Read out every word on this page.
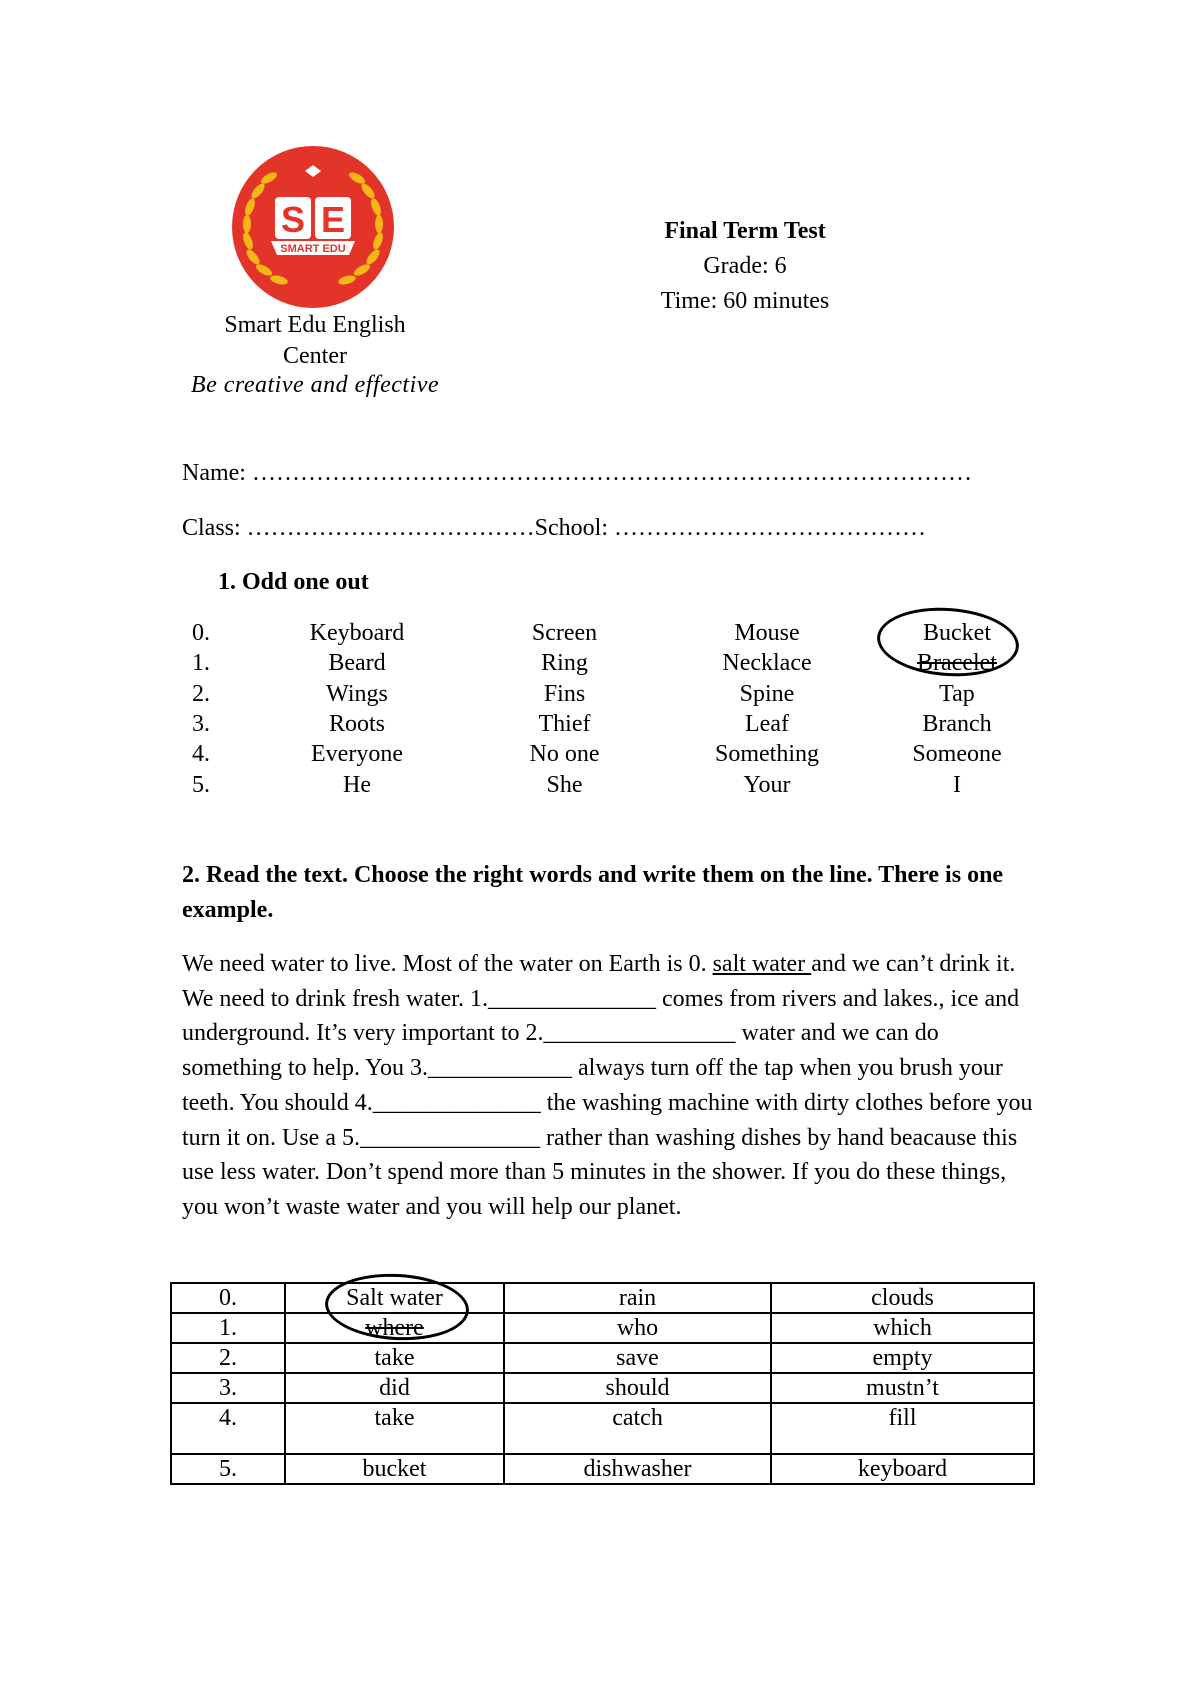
S E
SMART EDU
Smart Edu English
Center
Be creative and effective
Final Term Test
Grade: 6
Time: 60 minutes
Name: ………………………………………………………………………………
Class: ………………………………School: …………………………………
1. Odd one out
0.	Keyboard	Screen	Mouse	Bucket
1.	Beard	Ring	Necklace	Bracelet
2.	Wings	Fins	Spine	Tap
3.	Roots	Thief	Leaf	Branch
4.	Everyone	No one	Something	Someone
5.	He	She	Your	I
2. Read the text. Choose the right words and write them on the line. There is one example.
We need water to live. Most of the water on Earth is 0. salt water and we can’t drink it. We need to drink fresh water. 1.______________ comes from rivers and lakes., ice and underground. It’s very important to 2.________________ water and we can do something to help. You 3.____________ always turn off the tap when you brush your teeth. You should 4.______________ the washing machine with dirty clothes before you turn it on. Use a 5._______________ rather than washing dishes by hand beacause this use less water. Don’t spend more than 5 minutes in the shower. If you do these things, you won’t waste water and you will help our planet.
0.	Salt water	rain	clouds
1.	where	who	which
2.	take	save	empty
3.	did	should	mustn’t
4.	take	catch	fill
5.	bucket	dishwasher	keyboard
